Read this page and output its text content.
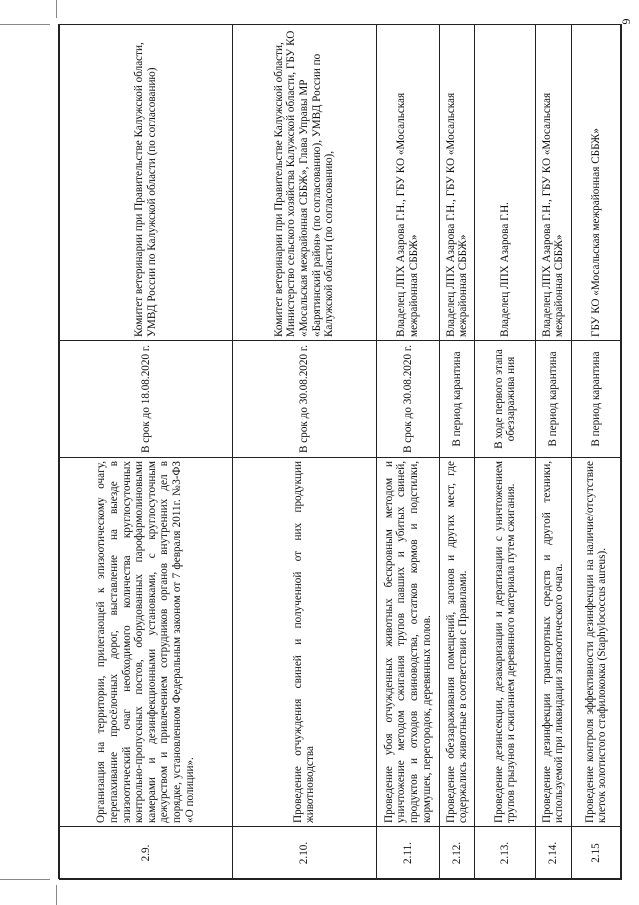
6
2.9.	Организация на территории, прилегающей к эпизоотическому очагу, перепахивание просёлочных дорог, выставление на выезде в эпизоотический очаг необходимого количества круглосуточных контрольно-пропускных постов, оборудованных парофармолиновыми камерами и дезинфекционными установками, с круглосуточным дежурством и привлечением сотрудников органов внутренних дел в порядке, установленном Федеральным законом от 7 февраля 2011г. №3-ФЗ «О полиции».	В срок до 18.08.2020 г.	Комитет ветеринарии при Правительстве Калужской области, УМВД России по Калужской области (по согласованию)
2.10.	Проведение отчуждения свиней и полученной от них продукции животноводства	В срок до 30.08.2020 г.	Комитет ветеринарии при Правительстве Калужской области, Министерство сельского хозяйства Калужской области, ГБУ КО «Мосальская межрайонная СББЖ», Глава Управы МР «Барятинский район» (по согласованию), УМВД России по Калужской области (по согласованию),
2.11.	Проведение убоя отчужденных животных бескровным методом и уничтожение методом сжигания трупов павших и убитых свиней, продуктов и отходов свиноводства, остатков кормов и подстилки, кормушек, перегородок, деревянных полов.	В срок до 30.08.2020 г.	Владелец ЛПХ Азарова Г.Н., ГБУ КО «Мосальская межрайонная СББЖ»
2.12.	Проведение обеззараживания помещений, загонов и других мест, где содержались животные в соответствии с Правилами.	В период карантина	Владелец ЛПХ Азарова Г.Н., ГБУ КО «Мосальская межрайонная СББЖ»
2.13.	Проведение дезинсекции, дезакаризации и дератизации с уничтожением трупов грызунов и сжиганием деревянного материала путем сжигания.	В ходе первого этапа обеззаражива ния	Владелец ЛПХ Азарова Г.Н.
2.14.	Проведение дезинфекции транспортных средств и другой техники, используемой при ликвидации эпизоотического очага.	В период карантина	Владелец ЛПХ Азарова Г.Н., ГБУ КО «Мосальская межрайонная СББЖ»
2.15	Проведение контроля эффективности дезинфекции на наличие/отсутствие клеток золотистого стафилококка (Staphylococcus aureus).	В период карантина	ГБУ КО «Мосальская межрайонная СББЖ»
